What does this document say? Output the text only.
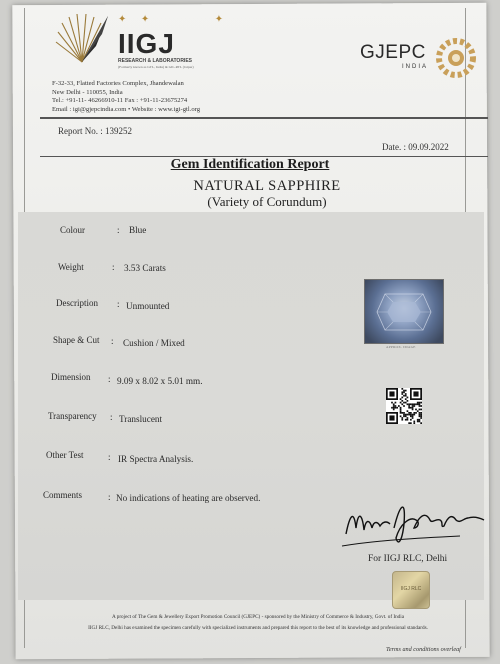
✦ ✦       ✦
IIGJ
RESEARCH & LABORATORIES
(Formerly known as GTL, India) & GIL-RTL (Jaipur)
F-32-33, Flatted Factories Complex, Jhandewalan
New Delhi - 110055, India
Tel.: +91-11- 46266910-11 Fax : +91-11-23675274
Email : igi@gjepcindia.com • Website : www.igi-gtl.org
GJEPC
INDIA
Report No. : 139252
Date. : 09.09.2022
Gem Identification Report
NATURAL SAPPHIRE
(Variety of Corundum)
Colour	: Blue
Weight	: 3.53 Carats
Description : Unmounted
Shape & Cut : Cushion / Mixed
Dimension : 9.09 x 8.02 x 5.01 mm.
Transparency : Translucent
Other Test	: IR Spectra Analysis.
Comments	: No indications of heating are observed.
APPROX. IMAGE
For IIGJ RLC, Delhi
IIGJ RLC
A project of The Gem & Jewellery Export Promotion Council (GJEPC) - sponsored by the Ministry of Commerce & Industry, Govt. of India
IIGJ RLC, Delhi has examined the specimen carefully with specialized instruments and prepared this report to the best of its knowledge and professional standards.
Terms and conditions overleaf
